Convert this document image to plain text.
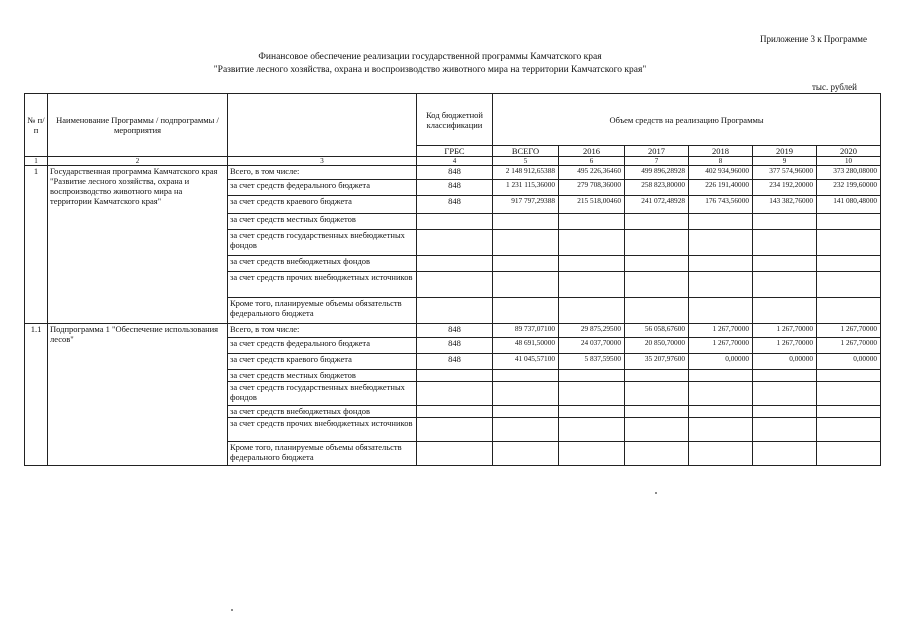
Приложение 3 к Программе
Финансовое обеспечение реализации государственной программы Камчатского края
"Развитие лесного хозяйства, охрана и воспроизводство животного мира на территории Камчатского края"
тыс. рублей
№ п/п	Наименование Программы / подпрограммы / мероприятия		Код бюджетной классификации	Объем средств на реализацию Программы					
			ГРБС	ВСЕГО	2016	2017	2018	2019	2020
1	2	3	4	5	6	7	8	9	10
1	Государственная программа Камчатского края "Развитие лесного хозяйства, охрана и воспроизводство животного мира на территории Камчатского края"	Всего, в том числе:	848	2 148 912,65388	495 226,36460	499 896,28928	402 934,96000	377 574,96000	373 280,08000
		за счет средств федерального бюджета	848	1 231 115,36000	279 708,36000	258 823,80000	226 191,40000	234 192,20000	232 199,60000
		за счет средств краевого бюджета	848	917 797,29388	215 518,00460	241 072,48928	176 743,56000	143 382,76000	141 080,48000
		за счет средств местных бюджетов							
		за счет средств государственных внебюджетных фондов							
		за счет средств внебюджетных фондов							
		за счет средств прочих внебюджетных источников							
		Кроме того, планируемые объемы обязательств федерального бюджета							
1.1	Подпрограмма 1 "Обеспечение использования лесов"	Всего, в том числе:	848	89 737,07100	29 875,29500	56 058,67600	1 267,70000	1 267,70000	1 267,70000
		за счет средств федерального бюджета	848	48 691,50000	24 037,70000	20 850,70000	1 267,70000	1 267,70000	1 267,70000
		за счет средств краевого бюджета	848	41 045,57100	5 837,59500	35 207,97600	0,00000	0,00000	0,00000
		за счет средств местных бюджетов							
		за счет средств государственных внебюджетных фондов							
		за счет средств внебюджетных фондов							
		за счет средств прочих внебюджетных источников							
		Кроме того, планируемые объемы обязательств федерального бюджета							
